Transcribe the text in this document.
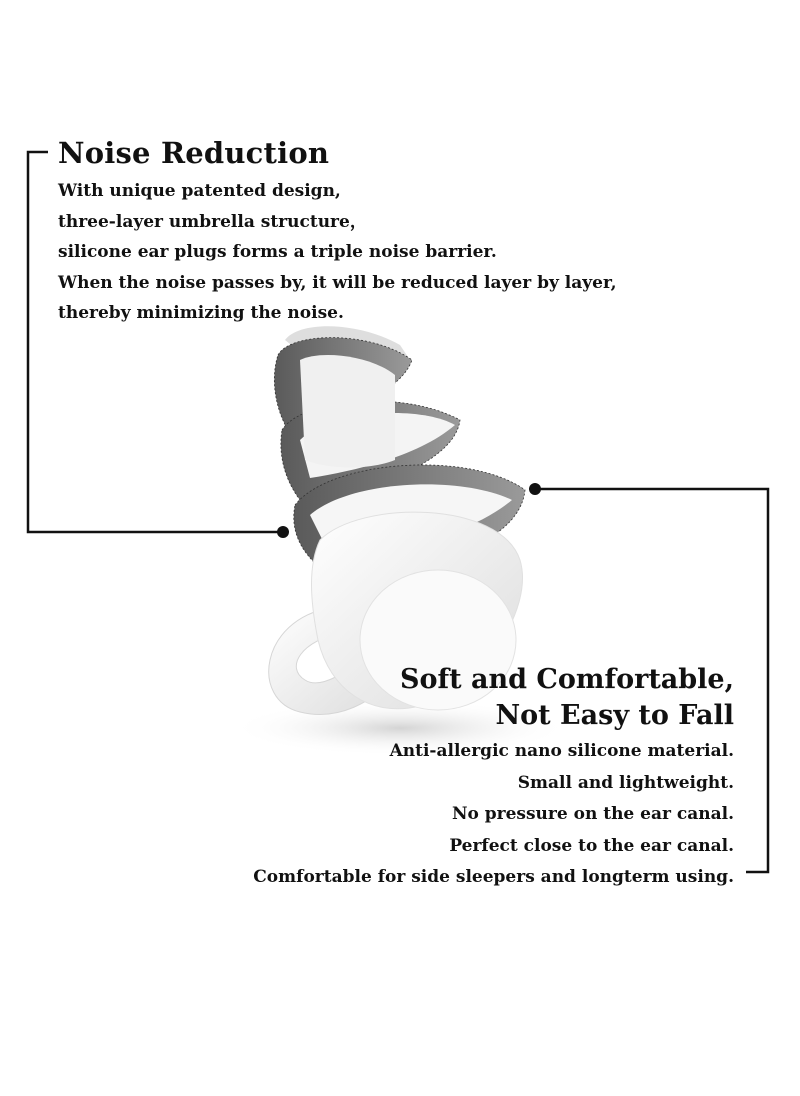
Noise Reduction
With unique patented design,
three-layer umbrella structure，
silicone ear plugs forms a triple noise barrier.
When the noise passes by, it will be reduced layer by layer,
thereby minimizing the noise.
Soft and Comfortable,
Not Easy to Fall
Anti-allergic nano silicone material.
Small and lightweight.
No pressure on the ear canal.
Perfect close to the ear canal.
Comfortable for side sleepers and longterm using.
